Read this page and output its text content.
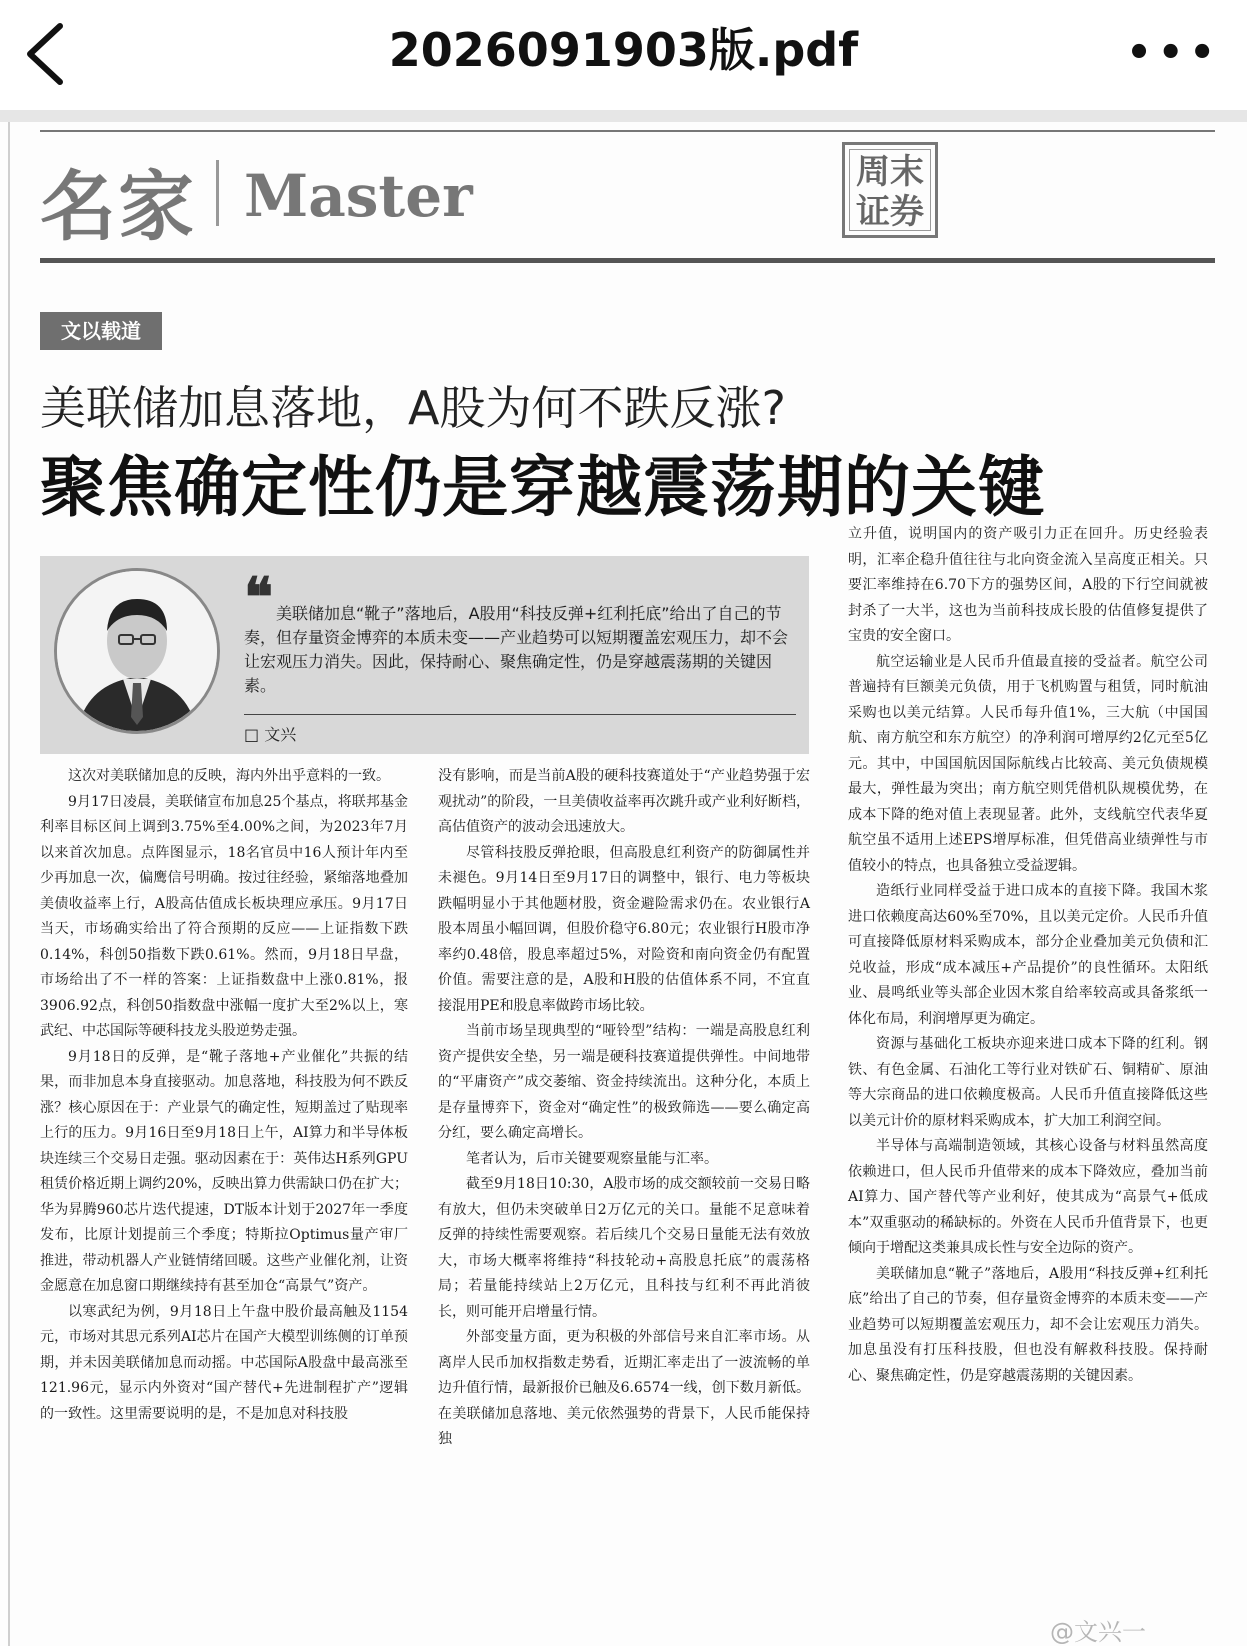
2026091903版.pdf	•••
名家 Master	周末
证券
文以载道
美联储加息落地，A股为何不跌反涨?
聚焦确定性仍是穿越震荡期的关键
❝ 美联储加息“靴子”落地后，A股用“科技反弹+红利托底”给出了自己的节奏，但存量资金博弈的本质未变——产业趋势可以短期覆盖宏观压力，却不会让宏观压力消失。因此，保持耐心、聚焦确定性，仍是穿越震荡期的关键因素。
□ 文兴

这次对美联储加息的反映，海内外出乎意料的一致。

9月17日凌晨，美联储宣布加息25个基点，将联邦基金利率目标区间上调到3.75%至4.00%之间，为2023年7月以来首次加息。点阵图显示，18名官员中16人预计年内至少再加息一次，偏鹰信号明确。按过往经验，紧缩落地叠加美债收益率上行，A股高估值成长板块理应承压。9月17日当天，市场确实给出了符合预期的反应——上证指数下跌0.14%，科创50指数下跌0.61%。然而，9月18日早盘，市场给出了不一样的答案：上证指数盘中上涨0.81%，报3906.92点，科创50指数盘中涨幅一度扩大至2%以上，寒武纪、中芯国际等硬科技龙头股逆势走强。

9月18日的反弹，是“靴子落地+产业催化”共振的结果，而非加息本身直接驱动。加息落地，科技股为何不跌反涨？核心原因在于：产业景气的确定性，短期盖过了贴现率上行的压力。9月16日至9月18日上午，AI算力和半导体板块连续三个交易日走强。驱动因素在于：英伟达H系列GPU租赁价格近期上调约20%，反映出算力供需缺口仍在扩大；华为昇腾960芯片迭代提速，DT版本计划于2027年一季度发布，比原计划提前三个季度；特斯拉Optimus量产审厂推进，带动机器人产业链情绪回暖。这些产业催化剂，让资金愿意在加息窗口期继续持有甚至加仓“高景气”资产。

以寒武纪为例，9月18日上午盘中股价最高触及1154元，市场对其思元系列AI芯片在国产大模型训练侧的订单预期，并未因美联储加息而动摇。中芯国际A股盘中最高涨至121.96元，显示内外资对“国产替代+先进制程扩产”逻辑的一致性。这里需要说明的是，不是加息对科技股

没有影响，而是当前A股的硬科技赛道处于“产业趋势强于宏观扰动”的阶段，一旦美债收益率再次跳升或产业利好断档，高估值资产的波动会迅速放大。

尽管科技股反弹抢眼，但高股息红利资产的防御属性并未褪色。9月14日至9月17日的调整中，银行、电力等板块跌幅明显小于其他题材股，资金避险需求仍在。农业银行A股本周虽小幅回调，但股价稳守6.80元；农业银行H股市净率约0.48倍，股息率超过5%，对险资和南向资金仍有配置价值。需要注意的是，A股和H股的估值体系不同，不宜直接混用PE和股息率做跨市场比较。

当前市场呈现典型的“哑铃型”结构：一端是高股息红利资产提供安全垫，另一端是硬科技赛道提供弹性。中间地带的“平庸资产”成交萎缩、资金持续流出。这种分化，本质上是存量博弈下，资金对“确定性”的极致筛选——要么确定高分红，要么确定高增长。

笔者认为，后市关键要观察量能与汇率。

截至9月18日10:30，A股市场的成交额较前一交易日略有放大，但仍未突破单日2万亿元的关口。量能不足意味着反弹的持续性需要观察。若后续几个交易日量能无法有效放大，市场大概率将维持“科技轮动+高股息托底”的震荡格局；若量能持续站上2万亿元，且科技与红利不再此消彼长，则可能开启增量行情。

外部变量方面，更为积极的外部信号来自汇率市场。从离岸人民币加权指数走势看，近期汇率走出了一波流畅的单边升值行情，最新报价已触及6.6574一线，创下数月新低。在美联储加息落地、美元依然强势的背景下，人民币能保持独

立升值，说明国内的资产吸引力正在回升。历史经验表明，汇率企稳升值往往与北向资金流入呈高度正相关。只要汇率维持在6.70下方的强势区间，A股的下行空间就被封杀了一大半，这也为当前科技成长股的估值修复提供了宝贵的安全窗口。

航空运输业是人民币升值最直接的受益者。航空公司普遍持有巨额美元负债，用于飞机购置与租赁，同时航油采购也以美元结算。人民币每升值1%，三大航（中国国航、南方航空和东方航空）的净利润可增厚约2亿元至5亿元。其中，中国国航因国际航线占比较高、美元负债规模最大，弹性最为突出；南方航空则凭借机队规模优势，在成本下降的绝对值上表现显著。此外，支线航空代表华夏航空虽不适用上述EPS增厚标准，但凭借高业绩弹性与市值较小的特点，也具备独立受益逻辑。

造纸行业同样受益于进口成本的直接下降。我国木浆进口依赖度高达60%至70%，且以美元定价。人民币升值可直接降低原材料采购成本，部分企业叠加美元负债和汇兑收益，形成“成本减压+产品提价”的良性循环。太阳纸业、晨鸣纸业等头部企业因木浆自给率较高或具备浆纸一体化布局，利润增厚更为确定。

资源与基础化工板块亦迎来进口成本下降的红利。钢铁、有色金属、石油化工等行业对铁矿石、铜精矿、原油等大宗商品的进口依赖度极高。人民币升值直接降低这些以美元计价的原材料采购成本，扩大加工利润空间。

半导体与高端制造领域，其核心设备与材料虽然高度依赖进口，但人民币升值带来的成本下降效应，叠加当前AI算力、国产替代等产业利好，使其成为“高景气+低成本”双重驱动的稀缺标的。外资在人民币升值背景下，也更倾向于增配这类兼具成长性与安全边际的资产。

美联储加息“靴子”落地后，A股用“科技反弹+红利托底”给出了自己的节奏，但存量资金博弈的本质未变——产业趋势可以短期覆盖宏观压力，却不会让宏观压力消失。加息虽没有打压科技股，但也没有解救科技股。保持耐心、聚焦确定性，仍是穿越震荡期的关键因素。

@文兴一
